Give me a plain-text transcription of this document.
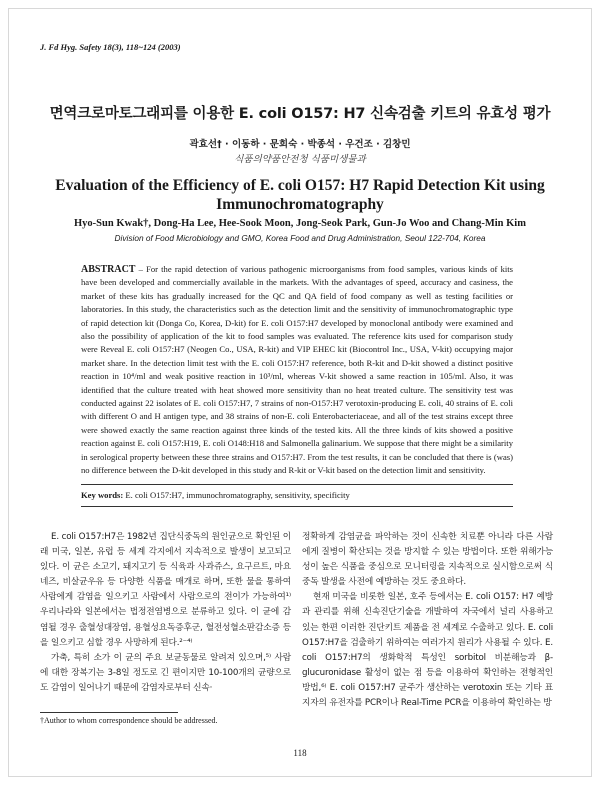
J. Fd Hyg. Safety 18(3), 118~124 (2003)
면역크로마토그래피를 이용한 E. coli O157: H7 신속검출 키트의 유효성 평가
곽효선† · 이동하 · 문희숙 · 박종석 · 우건조 · 김창민
식품의약품안전청 식품미생물과
Evaluation of the Efficiency of E. coli O157: H7 Rapid Detection Kit using Immunochromatography
Hyo-Sun Kwak†, Dong-Ha Lee, Hee-Sook Moon, Jong-Seok Park, Gun-Jo Woo and Chang-Min Kim
Division of Food Microbiology and GMO, Korea Food and Drug Administration, Seoul 122-704, Korea
ABSTRACT – For the rapid detection of various pathogenic microorganisms from food samples, various kinds of kits have been developed and commercially available in the markets. With the advantages of speed, accuracy and casiness, the market of these kits has gradually increased for the QC and QA field of food company as well as testing facilities or laboratories. In this study, the characteristics such as the detection limit and the sensitivity of immunochromatographic type of rapid detection kit (Donga Co, Korea, D-kit) for E. coli O157:H7 developed by monoclonal antibody were examined and also the possibility of application of the kit to food samples was evaluated. The reference kits used for comparison study were Reveal E. coli O157:H7 (Neogen Co., USA, R-kit) and VIP EHEC kit (Biocontrol Inc., USA, V-kit) occupying major market share. In the detection limit test with the E. coli O157:H7 reference, both R-kit and D-kit showed a distinct positive reaction in 10⁴/ml and weak positive reaction in 10³/ml, whereas V-kit showed a same reaction in 105/ml. Also, it was identified that the culture treated with heat showed more sensitivity than no heat treated culture. The sensitivity test was conducted against 22 isolates of E. coli O157:H7, 7 strains of non-O157:H7 verotoxin-producing E. coli, 40 strains of E. coli with different O and H antigen type, and 38 strains of non-E. coli Enterobacteriaceae, and all of the test strains except three were showed exactly the same reaction against three kinds of the tested kits. All the three kinds of kits showed a positive reaction against E. coli O157:H19, E. coli O148:H18 and Salmonella galinarium. We suppose that there might be a similarity in serological property between these three strains and O157:H7. From the test results, it can be concluded that there is (was) no difference between the D-kit developed in this study and R-kit or V-kit based on the detection limit and sensitivity.
Key words: E. coli O157:H7, immunochromatography, sensitivity, specificity

E. coli O157:H7은 1982년 집단식중독의 원인균으로 확인된 이래 미국, 일본, 유럽 등 세계 각지에서 지속적으로 발생이 보고되고 있다. 이 균은 소고기, 돼지고기 등 식육과 사과쥬스, 요구르트, 마요네즈, 비살균우유 등 다양한 식품을 매개로 하며, 또한 물을 통하여 사람에게 감염을 일으키고 사람에서 사람으로의 전이가 가능하여¹⁾ 우리나라와 일본에서는 법정전염병으로 분류하고 있다. 이 균에 감염될 경우 출혈성대장염, 용혈성요독증후군, 혈전성혈소판감소증 등을 일으키고 심할 경우 사망하게 된다.²⁻⁴⁾

가축, 특히 소가 이 균의 주요 보균동물로 알려져 있으며,⁵⁾ 사람에 대한 장복기는 3-8일 정도로 긴 편이지만 10-100개의 균량으로도 감염이 일어나기 때문에 감염자로부터 신속·

정확하게 감염균을 파악하는 것이 신속한 치료뿐 아니라 다른 사람에게 질병이 확산되는 것을 방지할 수 있는 방법이다. 또한 위해가능성이 높은 식품을 중심으로 모니터링을 지속적으로 실시함으로써 식중독 발생을 사전에 예방하는 것도 중요하다.

현재 미국을 비롯한 일본, 호주 등에서는 E. coli O157: H7 예방과 관리를 위해 신속진단기술을 개발하여 자국에서 널리 사용하고 있는 한편 이러한 진단키트 제품을 전 세계로 수출하고 있다. E. coli O157:H7을 검출하기 위하여는 여러가지 원리가 사용될 수 있다. E. coli O157:H7의 생화학적 특성인 sorbitol 비분해능과 β-glucuronidase 활성이 없는 점 등을 이용하여 확인하는 전형적인 방법,⁶⁾ E. coli O157:H7 균주가 생산하는 verotoxin 또는 기타 표지자의 유전자를 PCR이나 Real-Time PCR을 이용하여 확인하는 방

†Author to whom correspondence should be addressed.
118
